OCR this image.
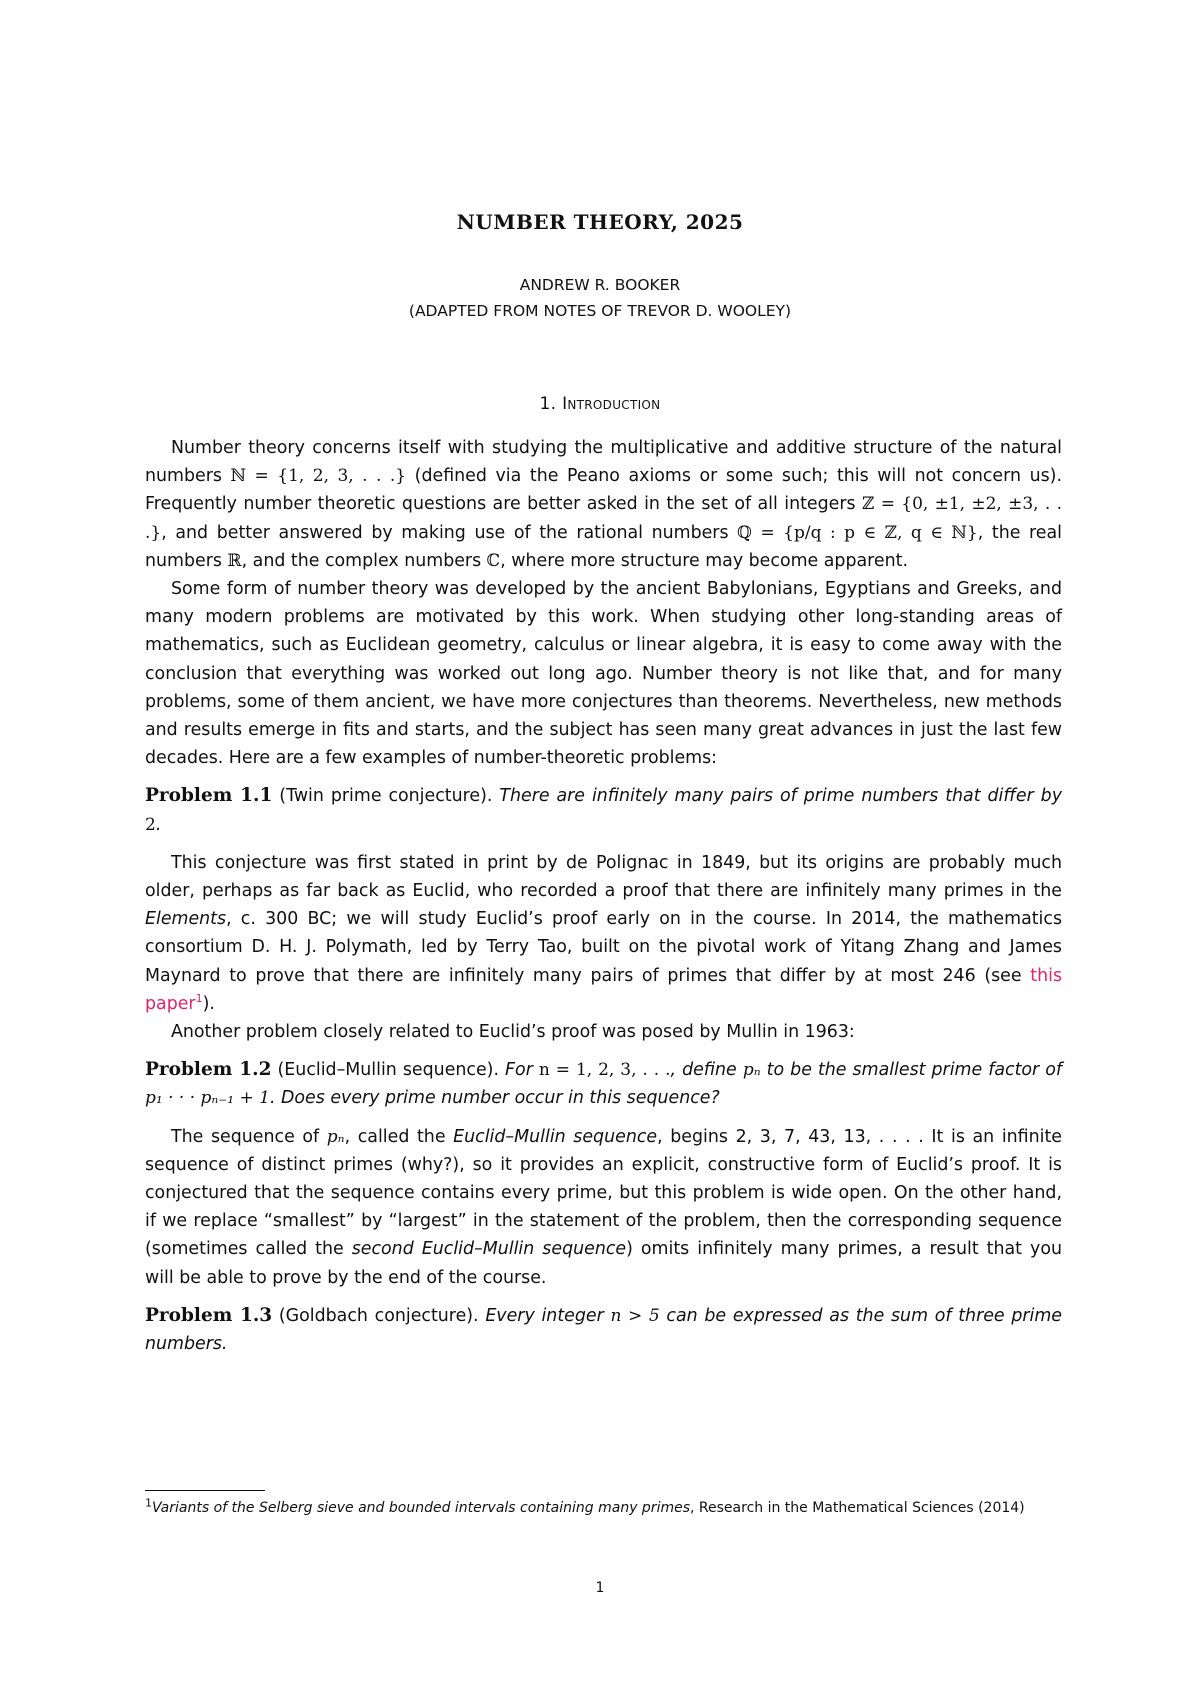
NUMBER THEORY, 2025
ANDREW R. BOOKER
(ADAPTED FROM NOTES OF TREVOR D. WOOLEY)
1. Introduction

Number theory concerns itself with studying the multiplicative and additive structure of the natural numbers ℕ = {1, 2, 3, . . .} (defined via the Peano axioms or some such; this will not concern us). Frequently number theoretic questions are better asked in the set of all integers ℤ = {0, ±1, ±2, ±3, . . .}, and better answered by making use of the rational numbers ℚ = {p/q : p ∈ ℤ, q ∈ ℕ}, the real numbers ℝ, and the complex numbers ℂ, where more structure may become apparent.

Some form of number theory was developed by the ancient Babylonians, Egyptians and Greeks, and many modern problems are motivated by this work. When studying other long-standing areas of mathematics, such as Euclidean geometry, calculus or linear algebra, it is easy to come away with the conclusion that everything was worked out long ago. Number theory is not like that, and for many problems, some of them ancient, we have more conjectures than theorems. Nevertheless, new methods and results emerge in fits and starts, and the subject has seen many great advances in just the last few decades. Here are a few examples of number-theoretic problems:

Problem 1.1 (Twin prime conjecture). There are infinitely many pairs of prime numbers that differ by 2.

This conjecture was first stated in print by de Polignac in 1849, but its origins are probably much older, perhaps as far back as Euclid, who recorded a proof that there are infinitely many primes in the Elements, c. 300 BC; we will study Euclid’s proof early on in the course. In 2014, the mathematics consortium D. H. J. Polymath, led by Terry Tao, built on the pivotal work of Yitang Zhang and James Maynard to prove that there are infinitely many pairs of primes that differ by at most 246 (see this paper$^1$).

Another problem closely related to Euclid’s proof was posed by Mullin in 1963:

Problem 1.2 (Euclid–Mullin sequence). For n = 1, 2, 3, . . ., define pₙ to be the smallest prime factor of p₁ · · · pₙ₋₁ + 1. Does every prime number occur in this sequence?

The sequence of pₙ, called the Euclid–Mullin sequence, begins 2, 3, 7, 43, 13, . . . . It is an infinite sequence of distinct primes (why?), so it provides an explicit, constructive form of Euclid’s proof. It is conjectured that the sequence contains every prime, but this problem is wide open. On the other hand, if we replace “smallest” by “largest” in the statement of the problem, then the corresponding sequence (sometimes called the second Euclid–Mullin sequence) omits infinitely many primes, a result that you will be able to prove by the end of the course.

Problem 1.3 (Goldbach conjecture). Every integer n > 5 can be expressed as the sum of three prime numbers.

$^1$Variants of the Selberg sieve and bounded intervals containing many primes, Research in the Mathematical Sciences (2014)
1
